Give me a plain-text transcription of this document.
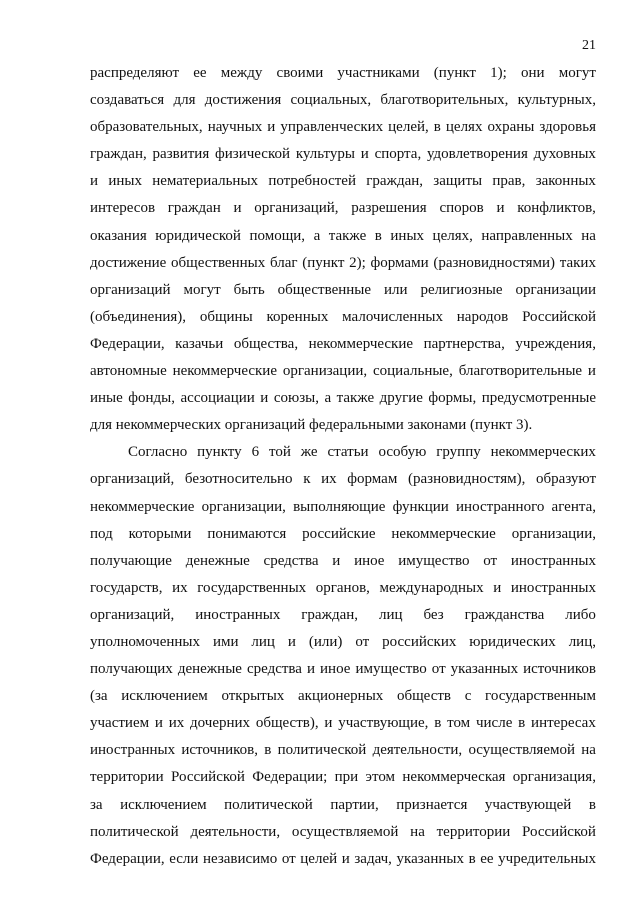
21
распределяют ее между своими участниками (пункт 1); они могут
создаваться для достижения социальных, благотворительных, культурных,
образовательных, научных и управленческих целей, в целях охраны здоровья
граждан, развития физической культуры и спорта, удовлетворения духовных
и иных нематериальных потребностей граждан, защиты прав, законных
интересов граждан и организаций, разрешения споров и конфликтов,
оказания юридической помощи, а также в иных целях, направленных на
достижение общественных благ (пункт 2); формами (разновидностями) таких
организаций могут быть общественные или религиозные организации
(объединения), общины коренных малочисленных народов Российской
Федерации, казачьи общества, некоммерческие партнерства, учреждения,
автономные некоммерческие организации, социальные, благотворительные и
иные фонды, ассоциации и союзы, а также другие формы, предусмотренные
для некоммерческих организаций федеральными законами (пункт 3).
Согласно пункту 6 той же статьи особую группу некоммерческих
организаций, безотносительно к их формам (разновидностям), образуют
некоммерческие организации, выполняющие функции иностранного агента,
под которыми понимаются российские некоммерческие организации,
получающие денежные средства и иное имущество от иностранных
государств, их государственных органов, международных и иностранных
организаций, иностранных граждан, лиц без гражданства либо
уполномоченных ими лиц и (или) от российских юридических лиц,
получающих денежные средства и иное имущество от указанных источников
(за исключением открытых акционерных обществ с государственным
участием и их дочерних обществ), и участвующие, в том числе в интересах
иностранных источников, в политической деятельности, осуществляемой на
территории Российской Федерации; при этом некоммерческая организация,
за исключением политической партии, признается участвующей в
политической деятельности, осуществляемой на территории Российской
Федерации, если независимо от целей и задач, указанных в ее учредительных
